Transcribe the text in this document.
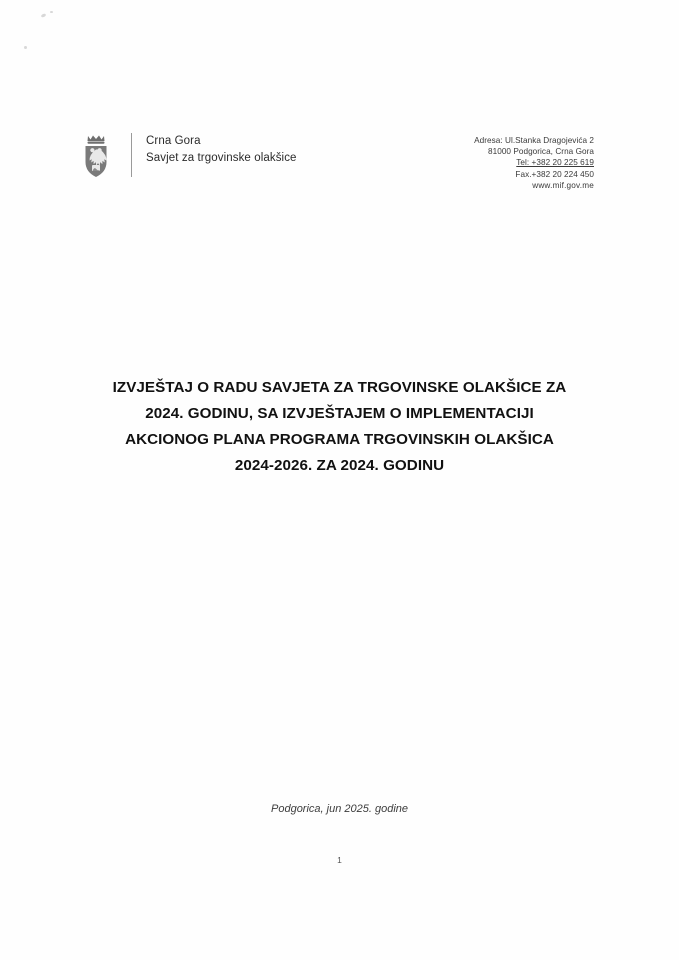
Crna Gora
Savjet za trgovinske olakšice
Adresa: Ul.Stanka Dragojevića 2
81000 Podgorica, Crna Gora
Tel: +382 20 225 619
Fax.+382 20 224 450
www.mif.gov.me
IZVJEŠTAJ O RADU SAVJETA ZA TRGOVINSKE OLAKŠICE ZA
2024. GODINU, SA IZVJEŠTAJEM O IMPLEMENTACIJI
AKCIONOG PLANA PROGRAMA TRGOVINSKIH OLAKŠICA
2024-2026. ZA 2024. GODINU
Podgorica, jun 2025. godine
1
